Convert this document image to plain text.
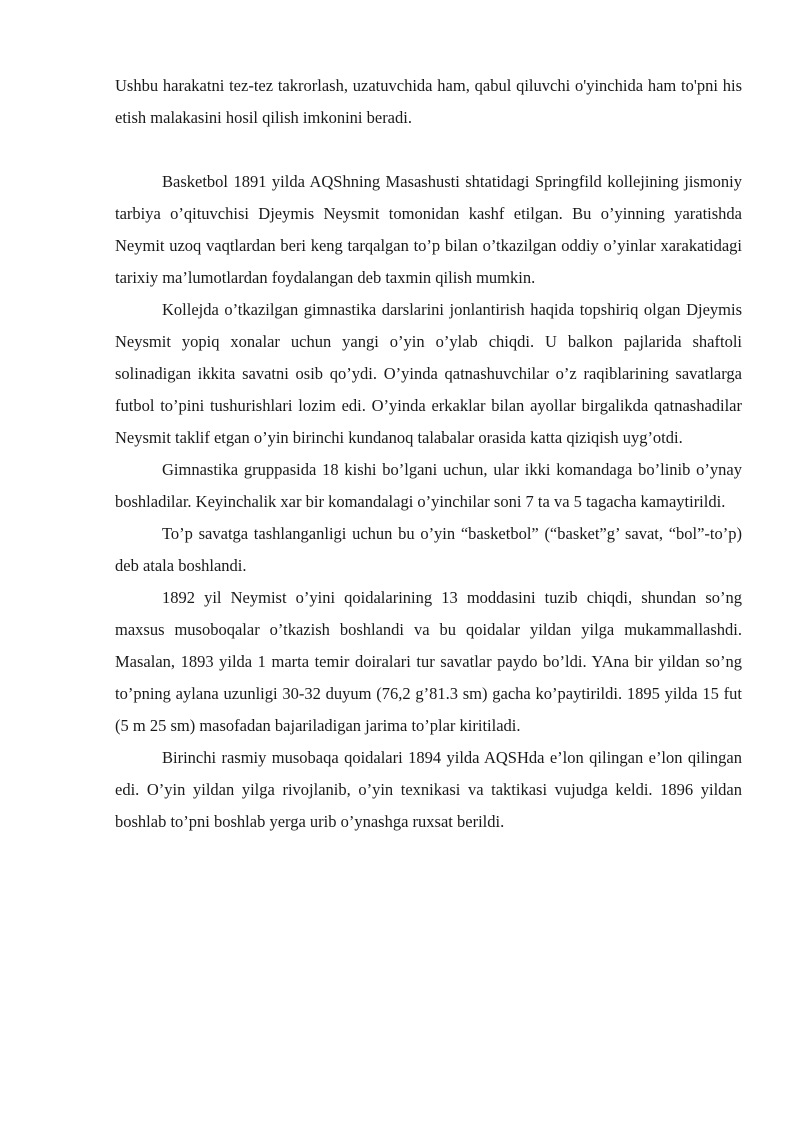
Ushbu harakatni tez-tez takrorlash, uzatuvchida ham, qabul qiluvchi o'yinchida ham to'pni his etish malakasini hosil qilish imkonini beradi.

Basketbol 1891 yilda AQShning Masashusti shtatidagi Springfild kollejining jismoniy tarbiya o’qituvchisi Djeymis Neysmit tomonidan kashf etilgan. Bu o’yinning yaratishda Neymit uzoq vaqtlardan beri keng tarqalgan to’p bilan o’tkazilgan oddiy o’yinlar xarakatidagi tarixiy ma’lumotlardan foydalangan deb taxmin qilish mumkin.

Kollejda o’tkazilgan gimnastika darslarini jonlantirish haqida topshiriq olgan Djeymis Neysmit yopiq xonalar uchun yangi o’yin o’ylab chiqdi. U balkon pajlarida shaftoli solinadigan ikkita savatni osib qo’ydi. O’yinda qatnashuvchilar o’z raqiblarining savatlarga futbol to’pini tushurishlari lozim edi. O’yinda erkaklar bilan ayollar birgalikda qatnashadilar Neysmit taklif etgan o’yin birinchi kundanoq talabalar orasida katta qiziqish uyg’otdi.

Gimnastika gruppasida 18 kishi bo’lgani uchun, ular ikki komandaga bo’linib o’ynay boshladilar. Keyinchalik xar bir komandalagi o’yinchilar soni 7 ta va 5 tagacha kamaytirildi.

To’p savatga tashlanganligi uchun bu o’yin “basketbol” (“basket”g’ savat, “bol”-to’p) deb atala boshlandi.

1892 yil Neymist o’yini qoidalarining 13 moddasini tuzib chiqdi, shundan so’ng maxsus musoboqalar o’tkazish boshlandi va bu qoidalar yildan yilga mukammallashdi. Masalan, 1893 yilda 1 marta temir doiralari tur savatlar paydo bo’ldi. YAna bir yildan so’ng to’pning aylana uzunligi 30-32 duyum (76,2 g’81.3 sm) gacha ko’paytirildi. 1895 yilda 15 fut (5 m 25 sm) masofadan bajariladigan jarima to’plar kiritiladi.

Birinchi rasmiy musobaqa qoidalari 1894 yilda AQSHda e’lon qilingan e’lon qilingan edi. O’yin yildan yilga rivojlanib, o’yin texnikasi va taktikasi vujudga keldi. 1896 yildan boshlab to’pni boshlab yerga urib o’ynashga ruxsat berildi.
